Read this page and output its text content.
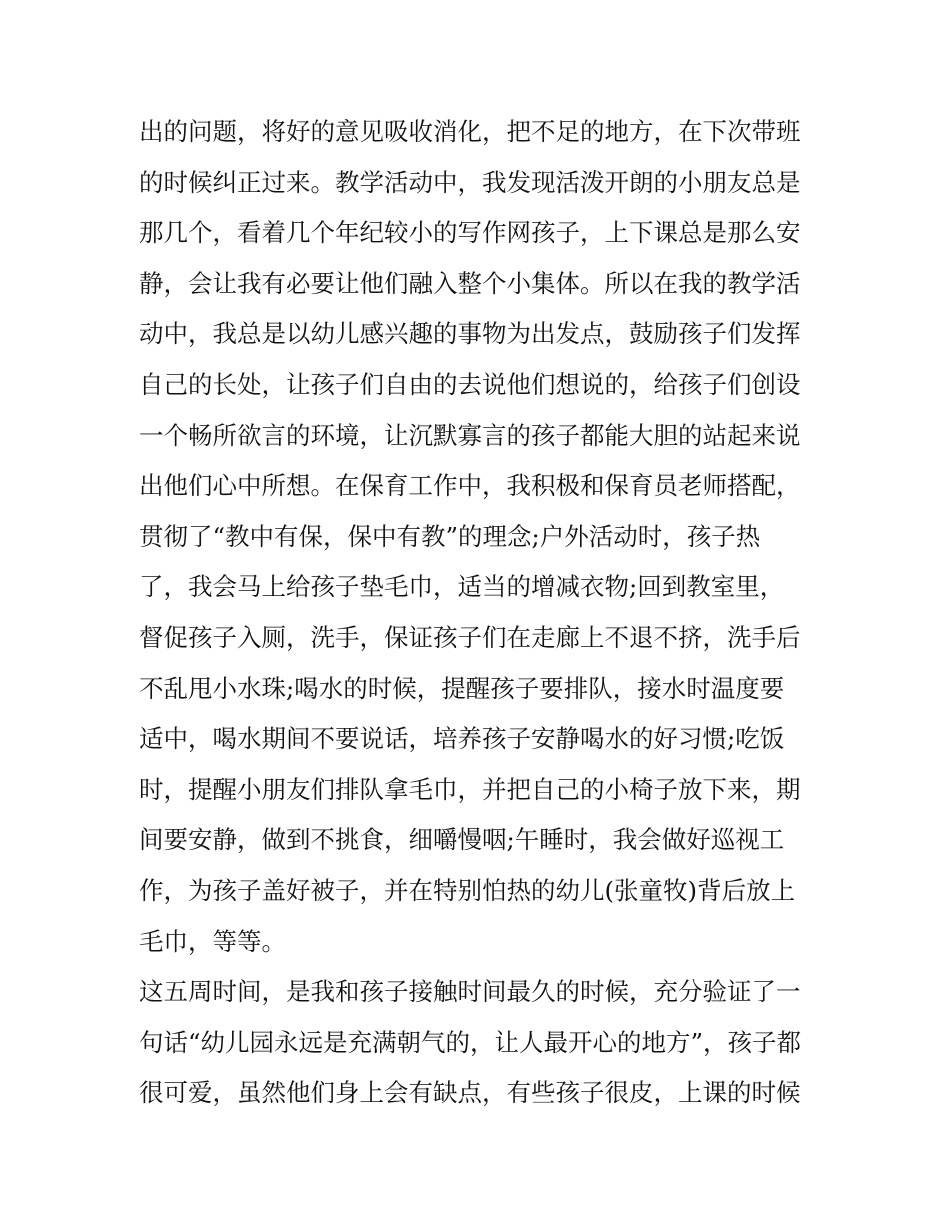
出的问题，将好的意见吸收消化，把不足的地方，在下次带班
的时候纠正过来。教学活动中，我发现活泼开朗的小朋友总是
那几个，看着几个年纪较小的写作网孩子，上下课总是那么安
静，会让我有必要让他们融入整个小集体。所以在我的教学活
动中，我总是以幼儿感兴趣的事物为出发点，鼓励孩子们发挥
自己的长处，让孩子们自由的去说他们想说的，给孩子们创设
一个畅所欲言的环境，让沉默寡言的孩子都能大胆的站起来说
出他们心中所想。在保育工作中，我积极和保育员老师搭配，
贯彻了“教中有保，保中有教”的理念;户外活动时，孩子热
了，我会马上给孩子垫毛巾，适当的增减衣物;回到教室里，
督促孩子入厕，洗手，保证孩子们在走廊上不退不挤，洗手后
不乱甩小水珠;喝水的时候，提醒孩子要排队，接水时温度要
适中，喝水期间不要说话，培养孩子安静喝水的好习惯;吃饭
时，提醒小朋友们排队拿毛巾，并把自己的小椅子放下来，期
间要安静，做到不挑食，细嚼慢咽;午睡时，我会做好巡视工
作，为孩子盖好被子，并在特别怕热的幼儿(张童牧)背后放上
毛巾，等等。
这五周时间，是我和孩子接触时间最久的时候，充分验证了一
句话“幼儿园永远是充满朝气的，让人最开心的地方”，孩子都
很可爱，虽然他们身上会有缺点，有些孩子很皮，上课的时候
